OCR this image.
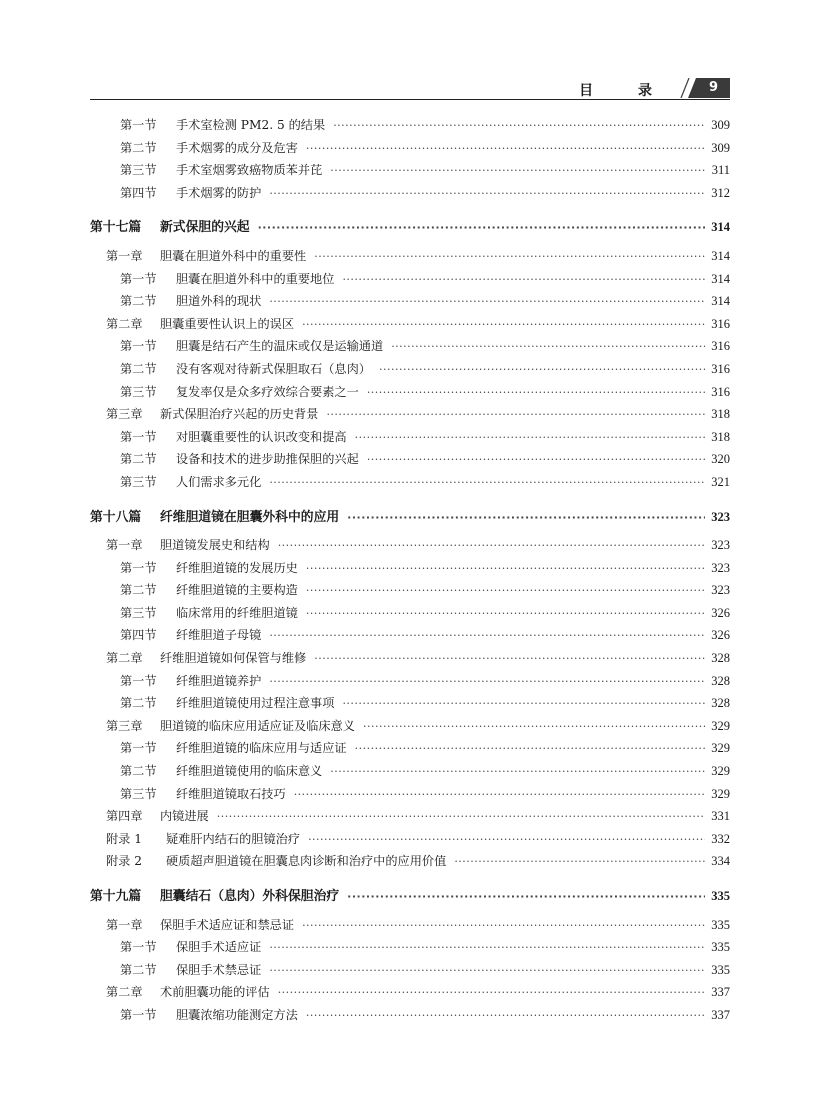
目 录	9
第一节 手术室检测 PM2. 5 的结果 ·····	309
第二节 手术烟雾的成分及危害 ·····	309
第三节 手术室烟雾致癌物质苯并芘 ·····	311
第四节 手术烟雾的防护 ·····	312
第十七篇 新式保胆的兴起 ·····	314
第一章 胆囊在胆道外科中的重要性 ·····	314
第一节 胆囊在胆道外科中的重要地位 ·····	314
第二节 胆道外科的现状 ·····	314
第二章 胆囊重要性认识上的误区 ·····	316
第一节 胆囊是结石产生的温床或仅是运输通道 ·····	316
第二节 没有客观对待新式保胆取石（息肉） ·····	316
第三节 复发率仅是众多疗效综合要素之一 ·····	316
第三章 新式保胆治疗兴起的历史背景 ·····	318
第一节 对胆囊重要性的认识改变和提高 ·····	318
第二节 设备和技术的进步助推保胆的兴起 ·····	320
第三节 人们需求多元化 ·····	321
第十八篇 纤维胆道镜在胆囊外科中的应用 ·····	323
第一章 胆道镜发展史和结构 ·····	323
第一节 纤维胆道镜的发展历史 ·····	323
第二节 纤维胆道镜的主要构造 ·····	323
第三节 临床常用的纤维胆道镜 ·····	326
第四节 纤维胆道子母镜 ·····	326
第二章 纤维胆道镜如何保管与维修 ·····	328
第一节 纤维胆道镜养护 ·····	328
第二节 纤维胆道镜使用过程注意事项 ·····	328
第三章 胆道镜的临床应用适应证及临床意义 ·····	329
第一节 纤维胆道镜的临床应用与适应证 ·····	329
第二节 纤维胆道镜使用的临床意义 ·····	329
第三节 纤维胆道镜取石技巧 ·····	329
第四章 内镜进展 ·····	331
附录 1 疑难肝内结石的胆镜治疗 ·····	332
附录 2 硬质超声胆道镜在胆囊息肉诊断和治疗中的应用价值 ·····	334
第十九篇 胆囊结石（息肉）外科保胆治疗 ·····	335
第一章 保胆手术适应证和禁忌证 ·····	335
第一节 保胆手术适应证 ·····	335
第二节 保胆手术禁忌证 ·····	335
第二章 术前胆囊功能的评估 ·····	337
第一节 胆囊浓缩功能测定方法 ·····	337
